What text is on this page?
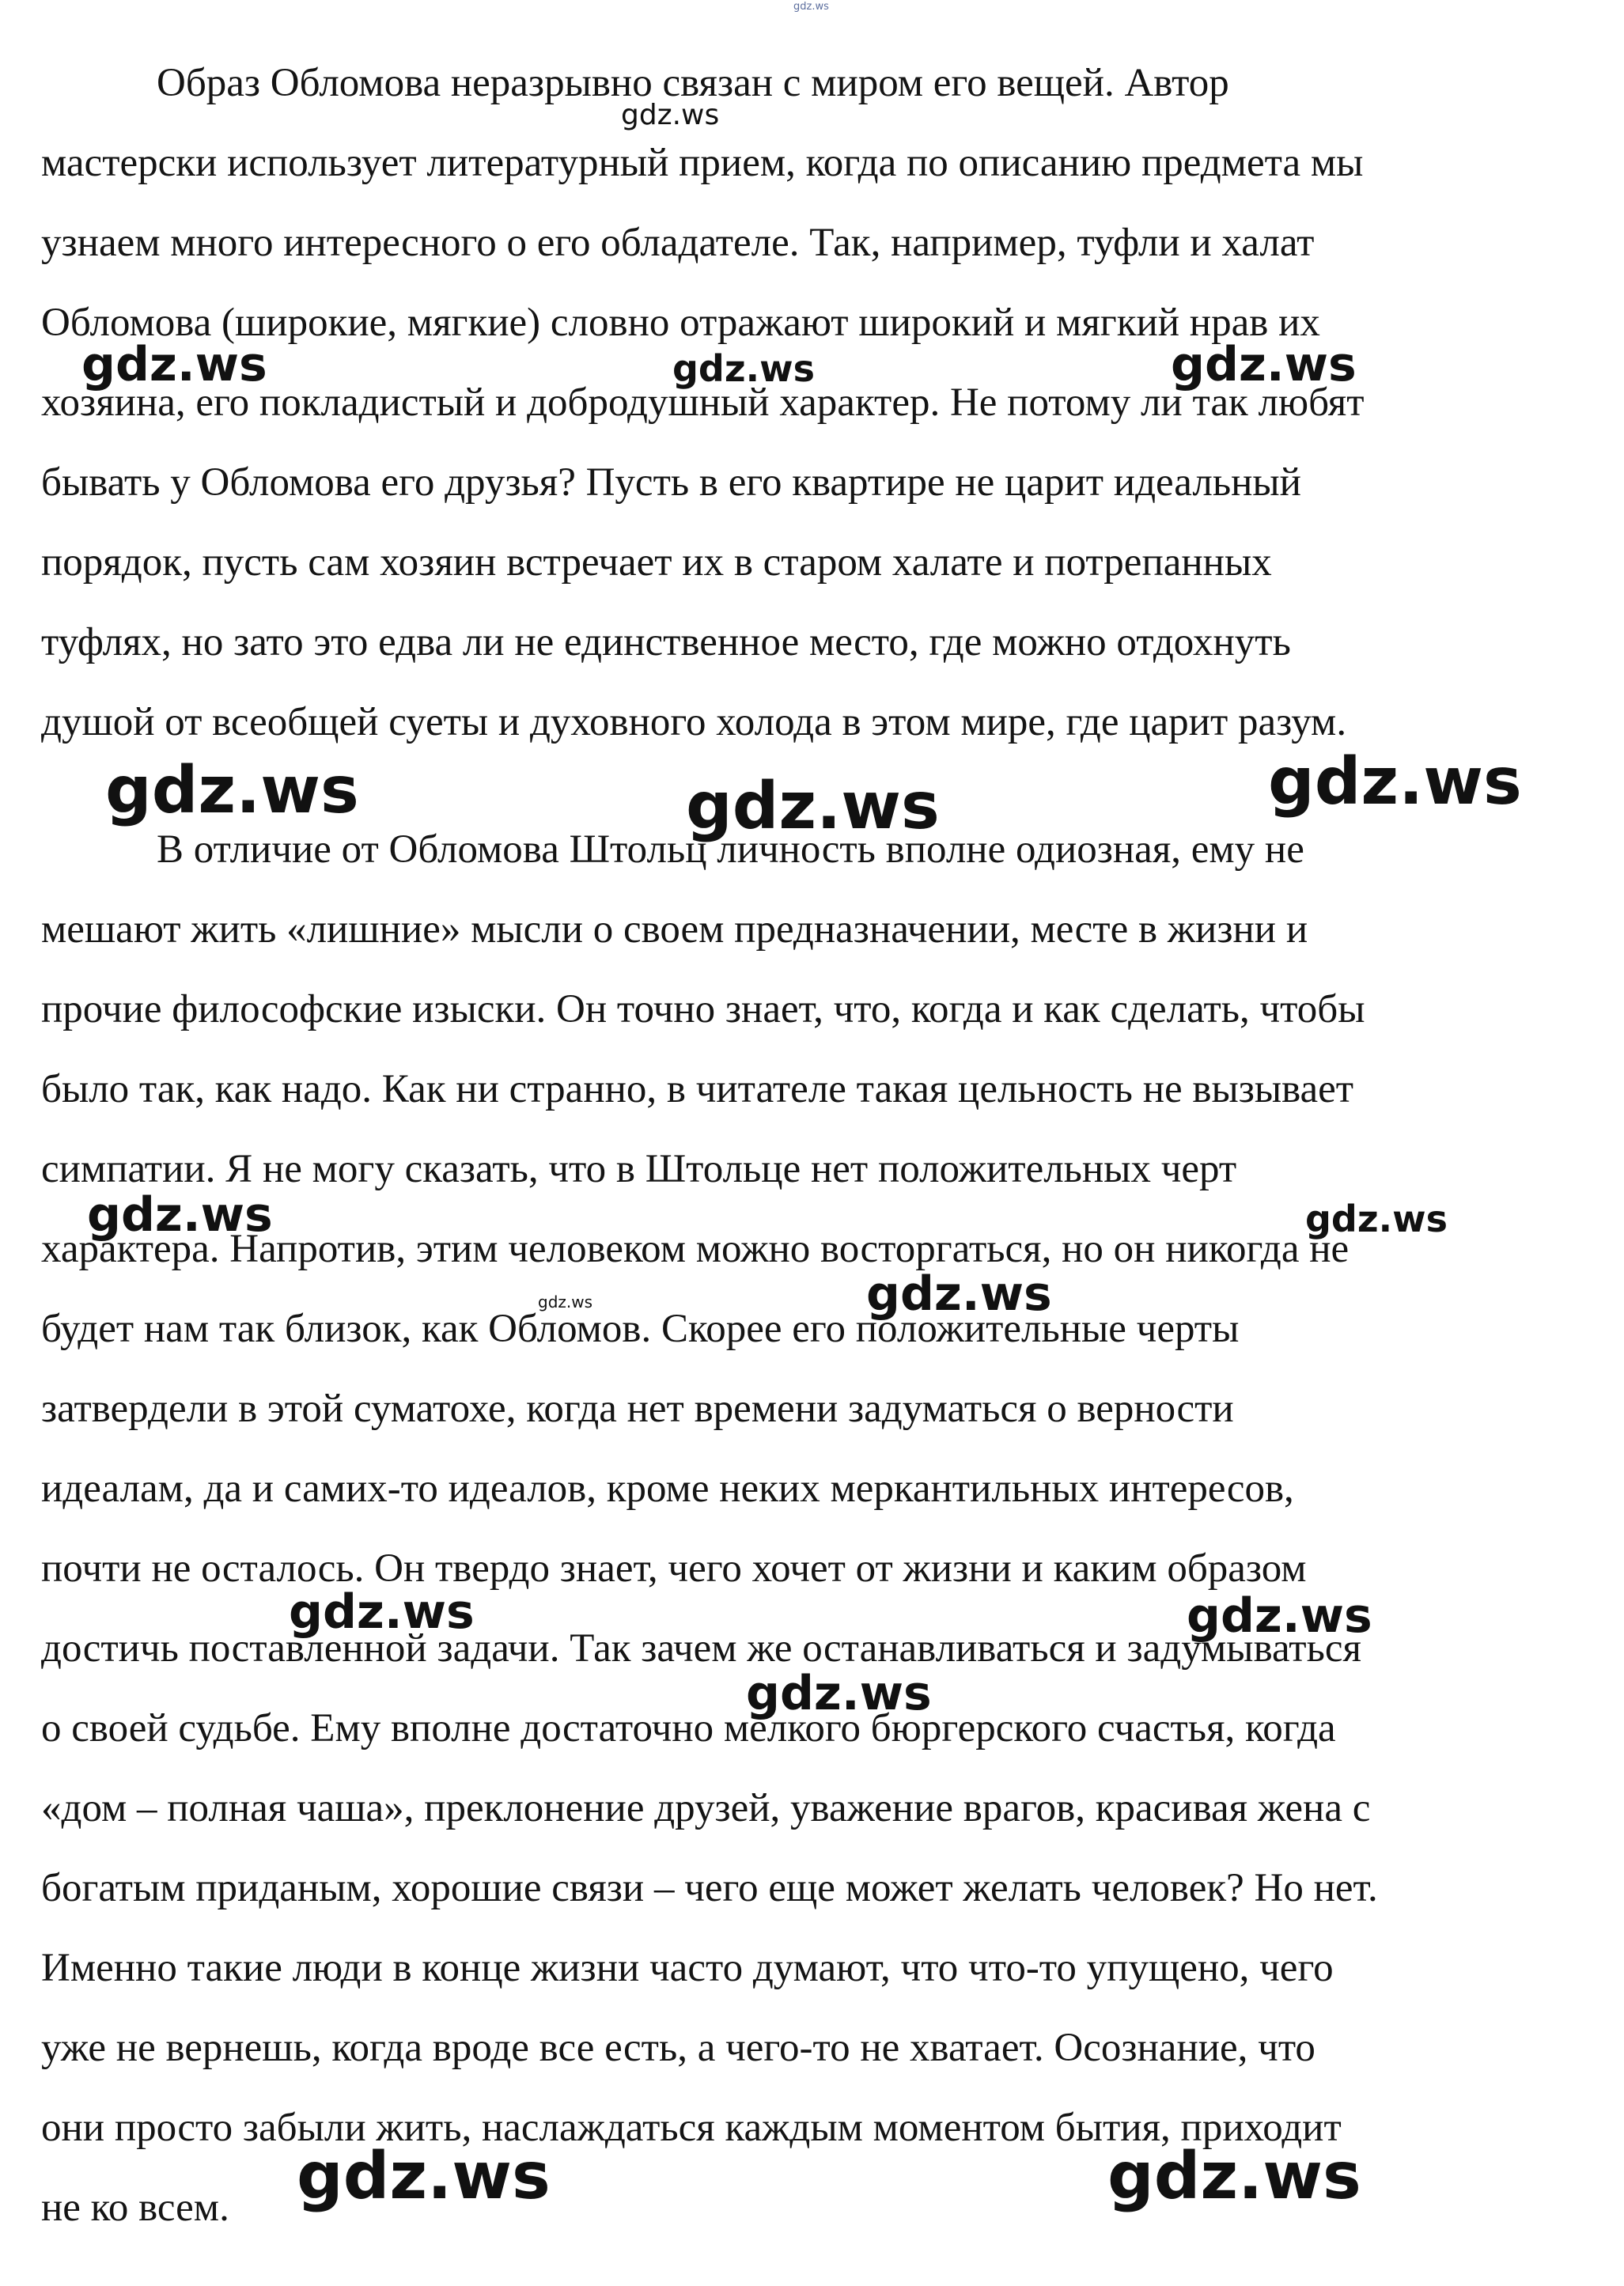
Образ Обломова неразрывно связан с миром его вещей. Автор
мастерски использует литературный прием, когда по описанию предмета мы
узнаем много интересного о его обладателе. Так, например, туфли и халат
Обломова (широкие, мягкие) словно отражают широкий и мягкий нрав их
хозяина, его покладистый и добродушный характер. Не потому ли так любят
бывать у Обломова его друзья? Пусть в его квартире не царит идеальный
порядок, пусть сам хозяин встречает их в старом халате и потрепанных
туфлях, но зато это едва ли не единственное место, где можно отдохнуть
душой от всеобщей суеты и духовного холода в этом мире, где царит разум.
В отличие от Обломова Штольц личность вполне одиозная, ему не
мешают жить «лишние» мысли о своем предназначении, месте в жизни и
прочие философские изыски. Он точно знает, что, когда и как сделать, чтобы
было так, как надо. Как ни странно, в читателе такая цельность не вызывает
симпатии. Я не могу сказать, что в Штольце нет положительных черт
характера. Напротив, этим человеком можно восторгаться, но он никогда не
будет нам так близок, как Обломов. Скорее его положительные черты
затвердели в этой суматохе, когда нет времени задуматься о верности
идеалам, да и самих-то идеалов, кроме неких меркантильных интересов,
почти не осталось. Он твердо знает, чего хочет от жизни и каким образом
достичь поставленной задачи. Так зачем же останавливаться и задумываться
о своей судьбе. Ему вполне достаточно мелкого бюргерского счастья, когда
«дом – полная чаша», преклонение друзей, уважение врагов, красивая жена с
богатым приданым, хорошие связи – чего еще может желать человек? Но нет.
Именно такие люди в конце жизни часто думают, что что-то упущено, чего
уже не вернешь, когда вроде все есть, а чего-то не хватает. Осознание, что
они просто забыли жить, наслаждаться каждым моментом бытия, приходит
не ко всем.
gdz.ws
gdz.ws
gdz.ws	gdz.ws	gdz.ws
gdz.ws	gdz.ws	gdz.ws
gdz.ws	gdz.ws
gdz.ws	gdz.ws
gdz.ws	gdz.ws
gdz.ws
gdz.ws	gdz.ws
